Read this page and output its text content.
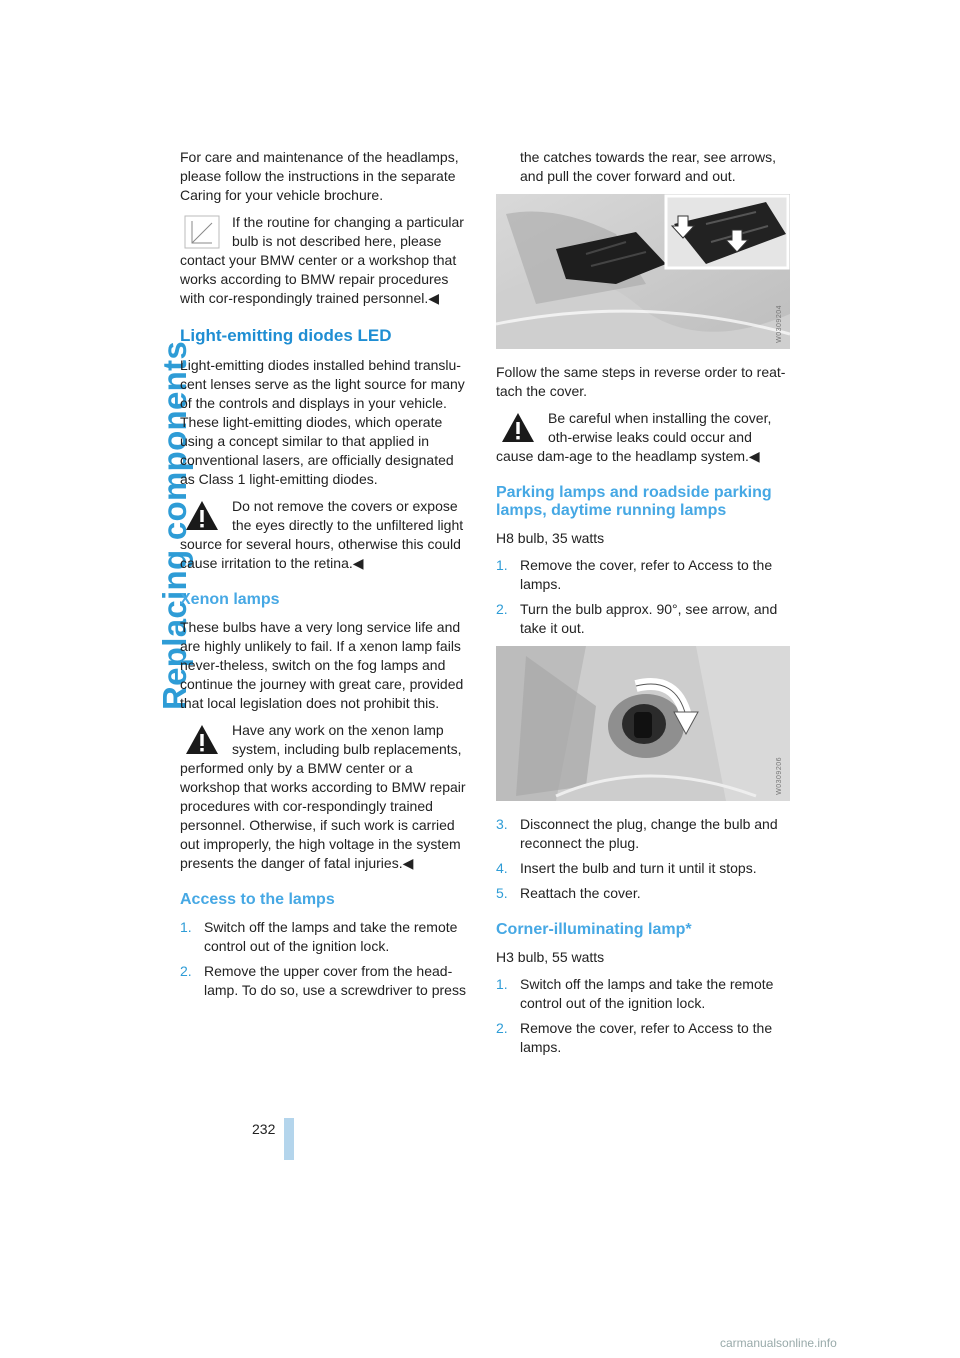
Replacing components

For care and maintenance of the headlamps, please follow the instructions in the separate Caring for your vehicle brochure.

If the routine for changing a particular bulb is not described here, please contact your BMW center or a workshop that works according to BMW repair procedures with cor-respondingly trained personnel.◀
Light-emitting diodes LED

Light-emitting diodes installed behind translu-cent lenses serve as the light source for many of the controls and displays in your vehicle. These light-emitting diodes, which operate using a concept similar to that applied in conventional lasers, are officially designated as Class 1 light-emitting diodes.

Do not remove the covers or expose the eyes directly to the unfiltered light source for several hours, otherwise this could cause irritation to the retina.◀
Xenon lamps

These bulbs have a very long service life and are highly unlikely to fail. If a xenon lamp fails never-theless, switch on the fog lamps and continue the journey with great care, provided that local legislation does not prohibit this.

Have any work on the xenon lamp system, including bulb replacements, performed only by a BMW center or a workshop that works according to BMW repair procedures with cor-respondingly trained personnel. Otherwise, if such work is carried out improperly, the high voltage in the system presents the danger of fatal injuries.◀
Access to the lamps
1. Switch off the lamps and take the remote control out of the ignition lock.
2. Remove the upper cover from the head-lamp. To do so, use a screwdriver to press

the catches towards the rear, see arrows, and pull the cover forward and out.

W0309204

Follow the same steps in reverse order to reat-tach the cover.

Be careful when installing the cover, oth-erwise leaks could occur and cause dam-age to the headlamp system.◀
Parking lamps and roadside parking lamps, daytime running lamps

H8 bulb, 35 watts

1. Remove the cover, refer to Access to the lamps.
2. Turn the bulb approx. 90°, see arrow, and take it out.
W0309206
3. Disconnect the plug, change the bulb and reconnect the plug.
4. Insert the bulb and turn it until it stops.
5. Reattach the cover.
Corner-illuminating lamp*

H3 bulb, 55 watts

1. Switch off the lamps and take the remote control out of the ignition lock.
2. Remove the cover, refer to Access to the lamps.
232
carmanualsonline.info
